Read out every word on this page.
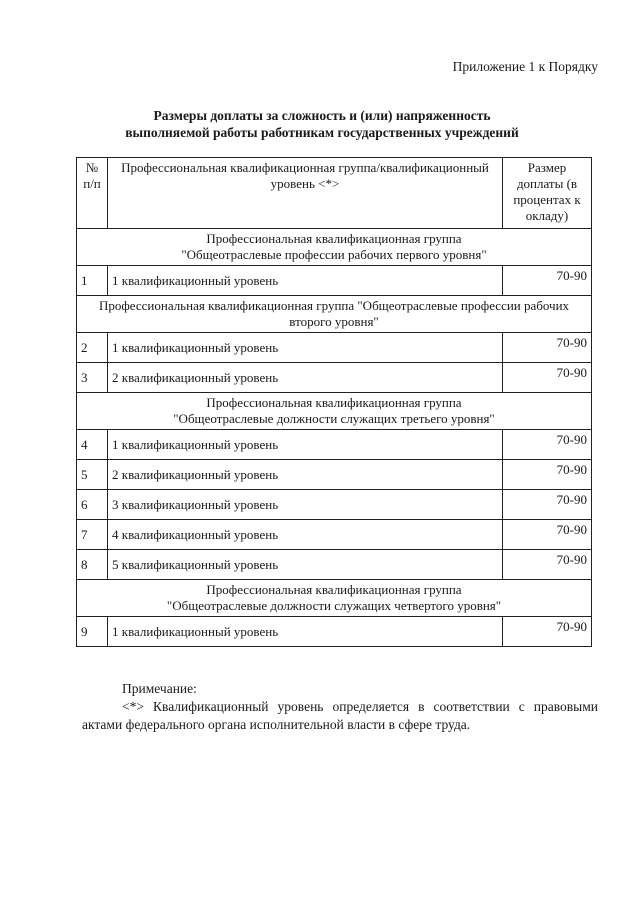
Приложение 1 к Порядку
Размеры доплаты за сложность и (или) напряженность
выполняемой работы работникам государственных учреждений
№ п/п	Профессиональная квалификационная группа/квалификационный уровень <*>	Размер доплаты (в процентах к окладу)

Профессиональная квалификационная группа
"Общеотраслевые профессии рабочих первого уровня"		

1	1 квалификационный уровень	70-90

Профессиональная квалификационная группа "Общеотраслевые профессии рабочих
второго уровня"		

2	1 квалификационный уровень	70-90
3	2 квалификационный уровень	70-90

Профессиональная квалификационная группа
"Общеотраслевые должности служащих третьего уровня"		

4	1 квалификационный уровень	70-90
5	2 квалификационный уровень	70-90
6	3 квалификационный уровень	70-90
7	4 квалификационный уровень	70-90
8	5 квалификационный уровень	70-90

Профессиональная квалификационная группа
"Общеотраслевые должности служащих четвертого уровня"		

9	1 квалификационный уровень	70-90
Примечание:
<*> Квалификационный уровень определяется в соответствии с правовыми актами федерального органа исполнительной власти в сфере труда.
